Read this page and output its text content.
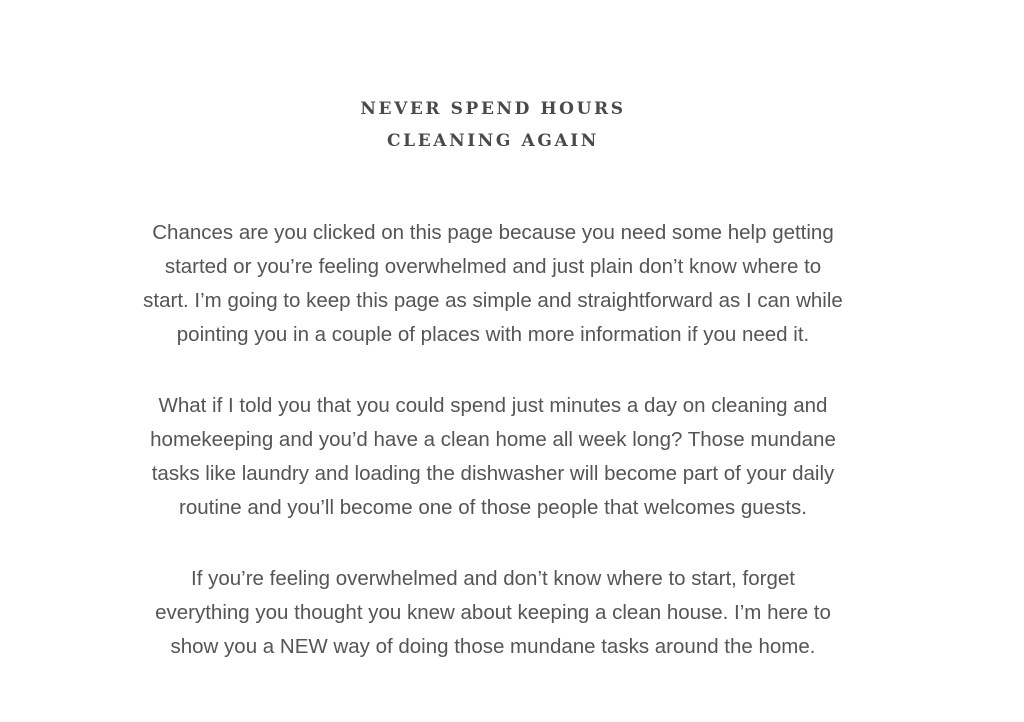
NEVER SPEND HOURS
CLEANING AGAIN

Chances are you clicked on this page because you need some help getting
started or you’re feeling overwhelmed and just plain don’t know where to
start. I’m going to keep this page as simple and straightforward as I can while
pointing you in a couple of places with more information if you need it.

What if I told you that you could spend just minutes a day on cleaning and
homekeeping and you’d have a clean home all week long? Those mundane
tasks like laundry and loading the dishwasher will become part of your daily
routine and you’ll become one of those people that welcomes guests.

If you’re feeling overwhelmed and don’t know where to start, forget
everything you thought you knew about keeping a clean house. I’m here to
show you a NEW way of doing those mundane tasks around the home.
